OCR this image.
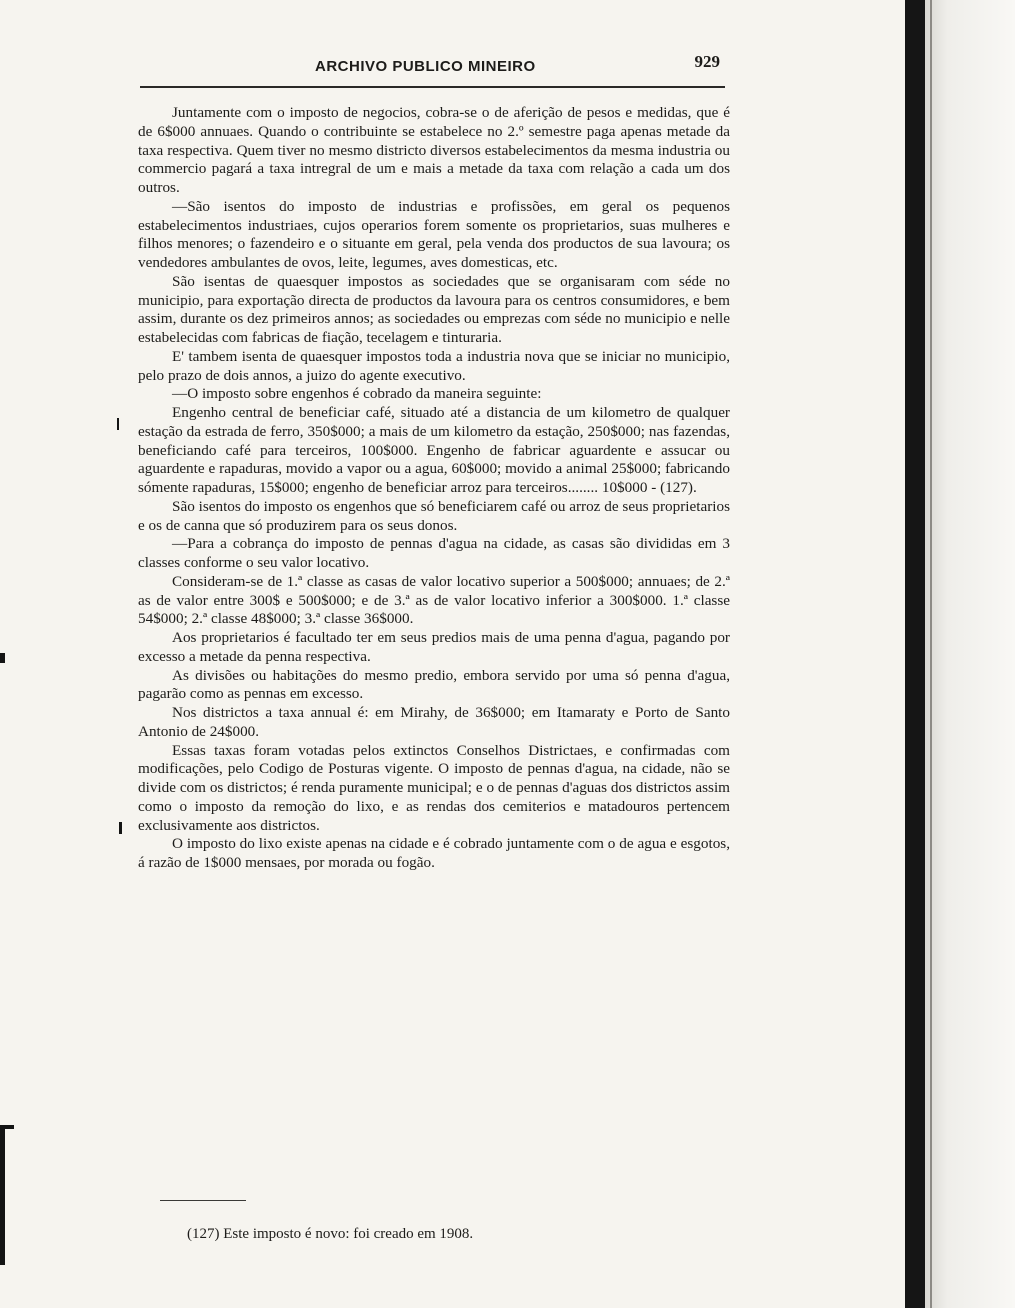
ARCHIVO PUBLICO MINEIRO	929

Juntamente com o imposto de negocios, cobra-se o de aferição de pesos e medidas, que é de 6$000 annuaes. Quando o contribuinte se estabelece no 2.º semestre paga apenas metade da taxa respectiva. Quem tiver no mesmo districto diversos estabelecimentos da mesma industria ou commercio pagará a taxa intregral de um e mais a metade da taxa com relação a cada um dos outros.

—São isentos do imposto de industrias e profissões, em geral os pequenos estabelecimentos industriaes, cujos operarios forem somente os proprietarios, suas mulheres e filhos menores; o fazendeiro e o situante em geral, pela venda dos productos de sua lavoura; os vendedores ambulantes de ovos, leite, legumes, aves domesticas, etc.

São isentas de quaesquer impostos as sociedades que se organisaram com séde no municipio, para exportação directa de productos da lavoura para os centros consumidores, e bem assim, durante os dez primeiros annos; as sociedades ou emprezas com séde no municipio e nelle estabelecidas com fabricas de fiação, tecelagem e tinturaria.

E' tambem isenta de quaesquer impostos toda a industria nova que se iniciar no municipio, pelo prazo de dois annos, a juizo do agente executivo.

—O imposto sobre engenhos é cobrado da maneira seguinte:

Engenho central de beneficiar café, situado até a distancia de um kilometro de qualquer estação da estrada de ferro, 350$000; a mais de um kilometro da estação, 250$000; nas fazendas, beneficiando café para terceiros, 100$000. Engenho de fabricar aguardente e assucar ou aguardente e rapaduras, movido a vapor ou a agua, 60$000; movido a animal 25$000; fabricando sómente rapaduras, 15$000; engenho de beneficiar arroz para terceiros........ 10$000 - (127).

São isentos do imposto os engenhos que só beneficiarem café ou arroz de seus proprietarios e os de canna que só produzirem para os seus donos.

—Para a cobrança do imposto de pennas d'agua na cidade, as casas são divididas em 3 classes conforme o seu valor locativo.

Consideram-se de 1.ª classe as casas de valor locativo superior a 500$000; annuaes; de 2.ª as de valor entre 300$ e 500$000; e de 3.ª as de valor locativo inferior a 300$000. 1.ª classe 54$000; 2.ª classe 48$000; 3.ª classe 36$000.

Aos proprietarios é facultado ter em seus predios mais de uma penna d'agua, pagando por excesso a metade da penna respectiva.

As divisões ou habitações do mesmo predio, embora servido por uma só penna d'agua, pagarão como as pennas em excesso.

Nos districtos a taxa annual é: em Mirahy, de 36$000; em Itamaraty e Porto de Santo Antonio de 24$000.

Essas taxas foram votadas pelos extinctos Conselhos Districtaes, e confirmadas com modificações, pelo Codigo de Posturas vigente. O imposto de pennas d'agua, na cidade, não se divide com os districtos; é renda puramente municipal; e o de pennas d'aguas dos districtos assim como o imposto da remoção do lixo, e as rendas dos cemiterios e matadouros pertencem exclusivamente aos districtos.

O imposto do lixo existe apenas na cidade e é cobrado juntamente com o de agua e esgotos, á razão de 1$000 mensaes, por morada ou fogão.

(127) Este imposto é novo: foi creado em 1908.
